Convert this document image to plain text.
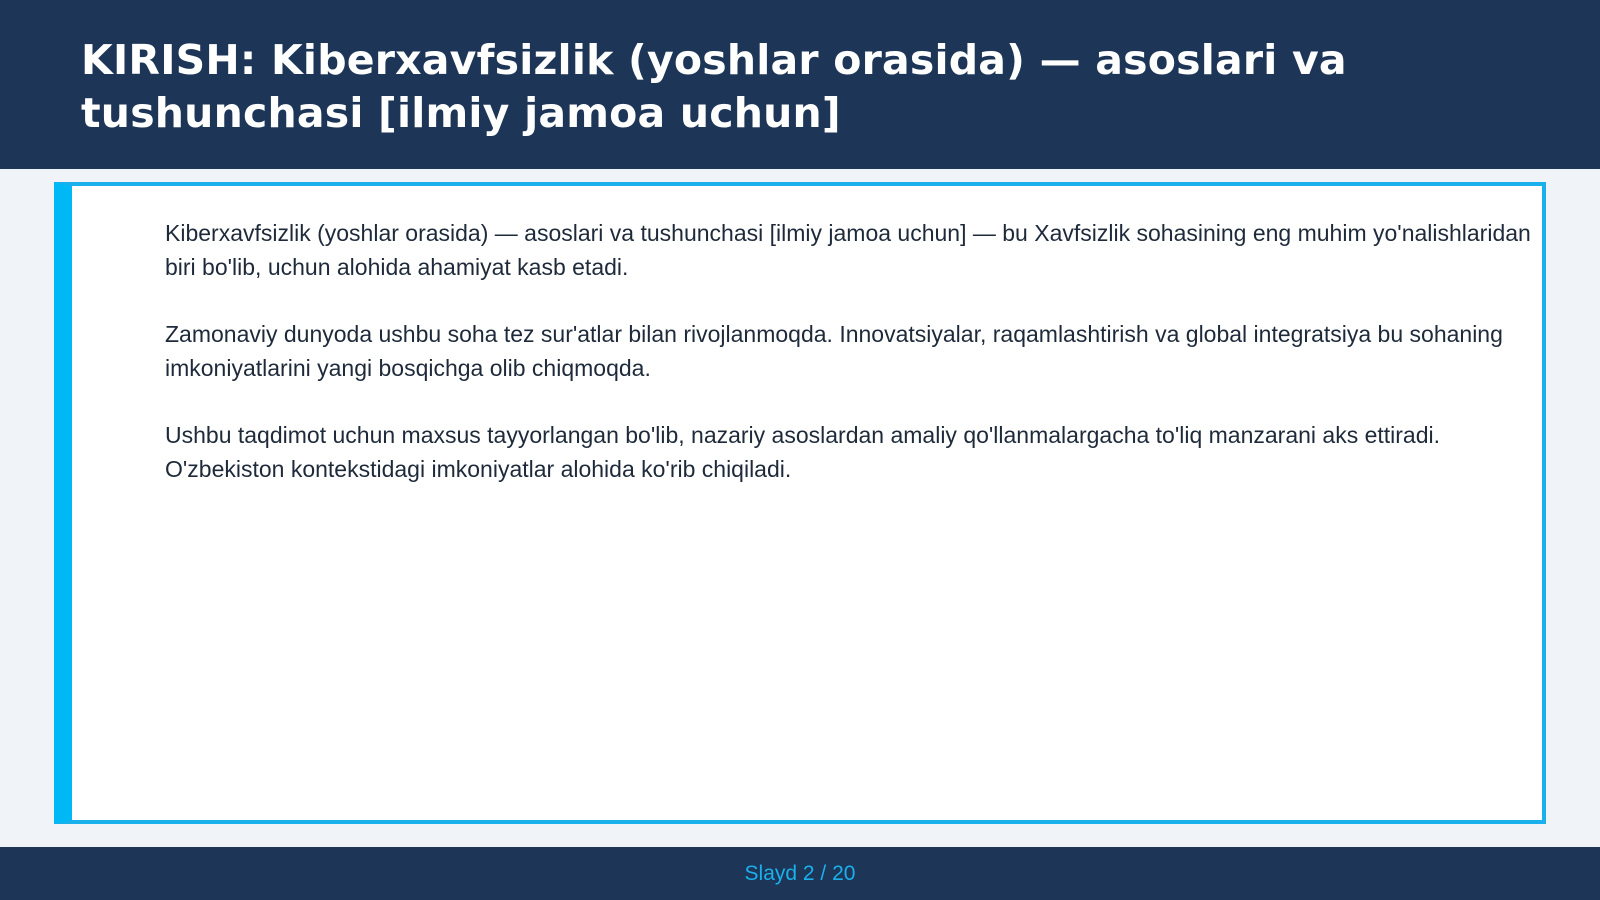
KIRISH: Kiberxavfsizlik (yoshlar orasida) — asoslari va tushunchasi [ilmiy jamoa uchun]

Kiberxavfsizlik (yoshlar orasida) — asoslari va tushunchasi [ilmiy jamoa uchun] — bu Xavfsizlik sohasining eng muhim yo'nalishlaridan biri bo'lib, uchun alohida ahamiyat kasb etadi.

Zamonaviy dunyoda ushbu soha tez sur'atlar bilan rivojlanmoqda. Innovatsiyalar, raqamlashtirish va global integratsiya bu sohaning imkoniyatlarini yangi bosqichga olib chiqmoqda.

Ushbu taqdimot uchun maxsus tayyorlangan bo'lib, nazariy asoslardan amaliy qo'llanmalargacha to'liq manzarani aks ettiradi. O'zbekiston kontekstidagi imkoniyatlar alohida ko'rib chiqiladi.

Slayd 2 / 20
